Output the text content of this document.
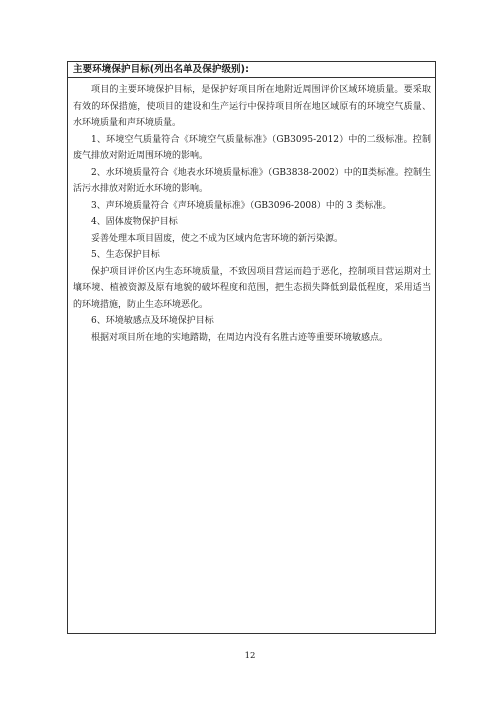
主要环境保护目标(列出名单及保护级别):

项目的主要环境保护目标，是保护好项目所在地附近周围评价区域环境质量。要采取有效的环保措施，使项目的建设和生产运行中保持项目所在地区域原有的环境空气质量、水环境质量和声环境质量。

1、环境空气质量符合《环境空气质量标准》（GB3095-2012）中的二级标准。控制废气排放对附近周围环境的影响。

2、水环境质量符合《地表水环境质量标准》（GB3838-2002）中的Ⅱ类标准。控制生活污水排放对附近水环境的影响。

3、声环境质量符合《声环境质量标准》（GB3096-2008）中的 3 类标准。

4、固体废物保护目标

妥善处理本项目固废，使之不成为区域内危害环境的新污染源。

5、生态保护目标

保护项目评价区内生态环境质量，不致因项目营运而趋于恶化，控制项目营运期对土壤环境、植被资源及原有地貌的破坏程度和范围，把生态损失降低到最低程度，采用适当的环境措施，防止生态环境恶化。

6、环境敏感点及环境保护目标

根据对项目所在地的实地踏勘，在周边内没有名胜古迹等重要环境敏感点。

12
